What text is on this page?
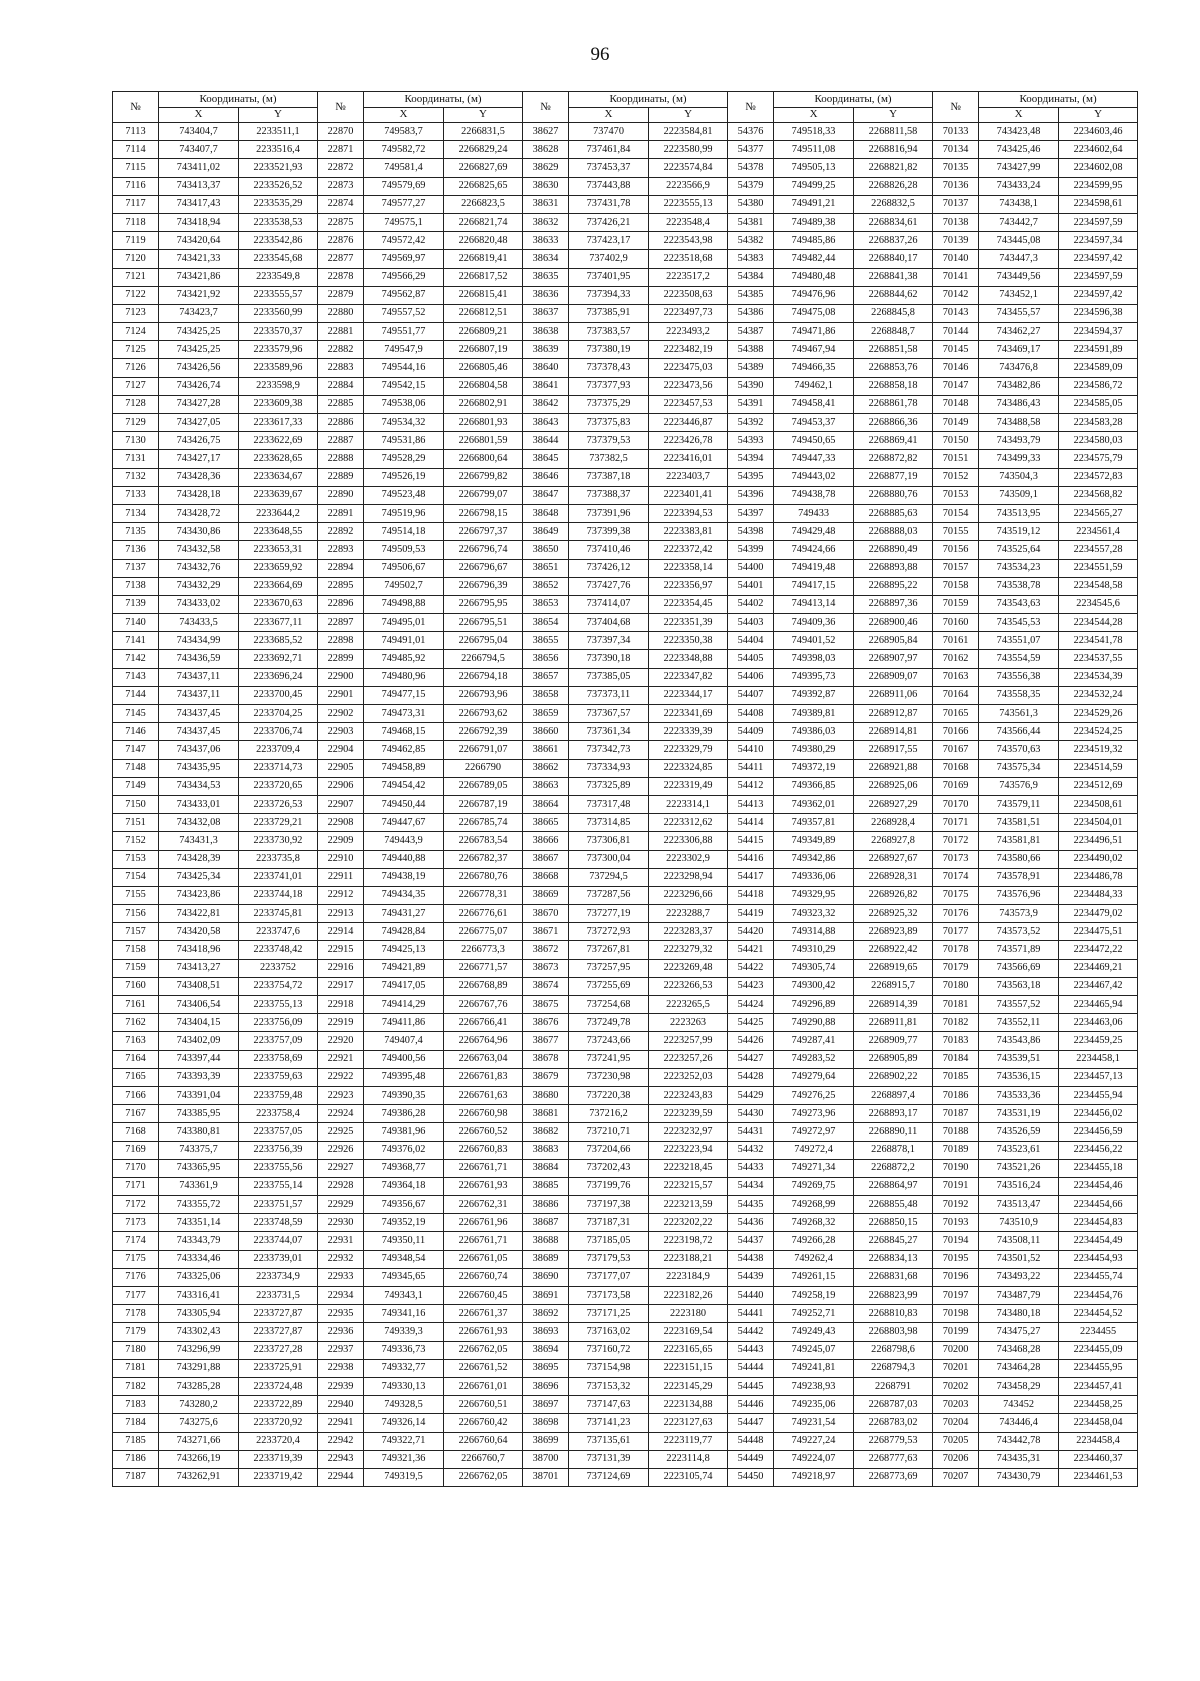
96
№	Координаты, (м)		№	Координаты, (м)		№	Координаты, (м)		№	Координаты, (м)		№	Координаты, (м)	
	X	Y		X	Y		X	Y		X	Y		X	Y
7113	743404,7	2233511,1	22870	749583,7	2266831,5	38627	737470	2223584,81	54376	749518,33	2268811,58	70133	743423,48	2234603,46
7114	743407,7	2233516,4	22871	749582,72	2266829,24	38628	737461,84	2223580,99	54377	749511,08	2268816,94	70134	743425,46	2234602,64
7115	743411,02	2233521,93	22872	749581,4	2266827,69	38629	737453,37	2223574,84	54378	749505,13	2268821,82	70135	743427,99	2234602,08
7116	743413,37	2233526,52	22873	749579,69	2266825,65	38630	737443,88	2223566,9	54379	749499,25	2268826,28	70136	743433,24	2234599,95
7117	743417,43	2233535,29	22874	749577,27	2266823,5	38631	737431,78	2223555,13	54380	749491,21	2268832,5	70137	743438,1	2234598,61
7118	743418,94	2233538,53	22875	749575,1	2266821,74	38632	737426,21	2223548,4	54381	749489,38	2268834,61	70138	743442,7	2234597,59
7119	743420,64	2233542,86	22876	749572,42	2266820,48	38633	737423,17	2223543,98	54382	749485,86	2268837,26	70139	743445,08	2234597,34
7120	743421,33	2233545,68	22877	749569,97	2266819,41	38634	737402,9	2223518,68	54383	749482,44	2268840,17	70140	743447,3	2234597,42
7121	743421,86	2233549,8	22878	749566,29	2266817,52	38635	737401,95	2223517,2	54384	749480,48	2268841,38	70141	743449,56	2234597,59
7122	743421,92	2233555,57	22879	749562,87	2266815,41	38636	737394,33	2223508,63	54385	749476,96	2268844,62	70142	743452,1	2234597,42
7123	743423,7	2233560,99	22880	749557,52	2266812,51	38637	737385,91	2223497,73	54386	749475,08	2268845,8	70143	743455,57	2234596,38
7124	743425,25	2233570,37	22881	749551,77	2266809,21	38638	737383,57	2223493,2	54387	749471,86	2268848,7	70144	743462,27	2234594,37
7125	743425,25	2233579,96	22882	749547,9	2266807,19	38639	737380,19	2223482,19	54388	749467,94	2268851,58	70145	743469,17	2234591,89
7126	743426,56	2233589,96	22883	749544,16	2266805,46	38640	737378,43	2223475,03	54389	749466,35	2268853,76	70146	743476,8	2234589,09
7127	743426,74	2233598,9	22884	749542,15	2266804,58	38641	737377,93	2223473,56	54390	749462,1	2268858,18	70147	743482,86	2234586,72
7128	743427,28	2233609,38	22885	749538,06	2266802,91	38642	737375,29	2223457,53	54391	749458,41	2268861,78	70148	743486,43	2234585,05
7129	743427,05	2233617,33	22886	749534,32	2266801,93	38643	737375,83	2223446,87	54392	749453,37	2268866,36	70149	743488,58	2234583,28
7130	743426,75	2233622,69	22887	749531,86	2266801,59	38644	737379,53	2223426,78	54393	749450,65	2268869,41	70150	743493,79	2234580,03
7131	743427,17	2233628,65	22888	749528,29	2266800,64	38645	737382,5	2223416,01	54394	749447,33	2268872,82	70151	743499,33	2234575,79
7132	743428,36	2233634,67	22889	749526,19	2266799,82	38646	737387,18	2223403,7	54395	749443,02	2268877,19	70152	743504,3	2234572,83
7133	743428,18	2233639,67	22890	749523,48	2266799,07	38647	737388,37	2223401,41	54396	749438,78	2268880,76	70153	743509,1	2234568,82
7134	743428,72	2233644,2	22891	749519,96	2266798,15	38648	737391,96	2223394,53	54397	749433	2268885,63	70154	743513,95	2234565,27
7135	743430,86	2233648,55	22892	749514,18	2266797,37	38649	737399,38	2223383,81	54398	749429,48	2268888,03	70155	743519,12	2234561,4
7136	743432,58	2233653,31	22893	749509,53	2266796,74	38650	737410,46	2223372,42	54399	749424,66	2268890,49	70156	743525,64	2234557,28
7137	743432,76	2233659,92	22894	749506,67	2266796,67	38651	737426,12	2223358,14	54400	749419,48	2268893,88	70157	743534,23	2234551,59
7138	743432,29	2233664,69	22895	749502,7	2266796,39	38652	737427,76	2223356,97	54401	749417,15	2268895,22	70158	743538,78	2234548,58
7139	743433,02	2233670,63	22896	749498,88	2266795,95	38653	737414,07	2223354,45	54402	749413,14	2268897,36	70159	743543,63	2234545,6
7140	743433,5	2233677,11	22897	749495,01	2266795,51	38654	737404,68	2223351,39	54403	749409,36	2268900,46	70160	743545,53	2234544,28
7141	743434,99	2233685,52	22898	749491,01	2266795,04	38655	737397,34	2223350,38	54404	749401,52	2268905,84	70161	743551,07	2234541,78
7142	743436,59	2233692,71	22899	749485,92	2266794,5	38656	737390,18	2223348,88	54405	749398,03	2268907,97	70162	743554,59	2234537,55
7143	743437,11	2233696,24	22900	749480,96	2266794,18	38657	737385,05	2223347,82	54406	749395,73	2268909,07	70163	743556,38	2234534,39
7144	743437,11	2233700,45	22901	749477,15	2266793,96	38658	737373,11	2223344,17	54407	749392,87	2268911,06	70164	743558,35	2234532,24
7145	743437,45	2233704,25	22902	749473,31	2266793,62	38659	737367,57	2223341,69	54408	749389,81	2268912,87	70165	743561,3	2234529,26
7146	743437,45	2233706,74	22903	749468,15	2266792,39	38660	737361,34	2223339,39	54409	749386,03	2268914,81	70166	743566,44	2234524,25
7147	743437,06	2233709,4	22904	749462,85	2266791,07	38661	737342,73	2223329,79	54410	749380,29	2268917,55	70167	743570,63	2234519,32
7148	743435,95	2233714,73	22905	749458,89	2266790	38662	737334,93	2223324,85	54411	749372,19	2268921,88	70168	743575,34	2234514,59
7149	743434,53	2233720,65	22906	749454,42	2266789,05	38663	737325,89	2223319,49	54412	749366,85	2268925,06	70169	743576,9	2234512,69
7150	743433,01	2233726,53	22907	749450,44	2266787,19	38664	737317,48	2223314,1	54413	749362,01	2268927,29	70170	743579,11	2234508,61
7151	743432,08	2233729,21	22908	749447,67	2266785,74	38665	737314,85	2223312,62	54414	749357,81	2268928,4	70171	743581,51	2234504,01
7152	743431,3	2233730,92	22909	749443,9	2266783,54	38666	737306,81	2223306,88	54415	749349,89	2268927,8	70172	743581,81	2234496,51
7153	743428,39	2233735,8	22910	749440,88	2266782,37	38667	737300,04	2223302,9	54416	749342,86	2268927,67	70173	743580,66	2234490,02
7154	743425,34	2233741,01	22911	749438,19	2266780,76	38668	737294,5	2223298,94	54417	749336,06	2268928,31	70174	743578,91	2234486,78
7155	743423,86	2233744,18	22912	749434,35	2266778,31	38669	737287,56	2223296,66	54418	749329,95	2268926,82	70175	743576,96	2234484,33
7156	743422,81	2233745,81	22913	749431,27	2266776,61	38670	737277,19	2223288,7	54419	749323,32	2268925,32	70176	743573,9	2234479,02
7157	743420,58	2233747,6	22914	749428,84	2266775,07	38671	737272,93	2223283,37	54420	749314,88	2268923,89	70177	743573,52	2234475,51
7158	743418,96	2233748,42	22915	749425,13	2266773,3	38672	737267,81	2223279,32	54421	749310,29	2268922,42	70178	743571,89	2234472,22
7159	743413,27	2233752	22916	749421,89	2266771,57	38673	737257,95	2223269,48	54422	749305,74	2268919,65	70179	743566,69	2234469,21
7160	743408,51	2233754,72	22917	749417,05	2266768,89	38674	737255,69	2223266,53	54423	749300,42	2268915,7	70180	743563,18	2234467,42
7161	743406,54	2233755,13	22918	749414,29	2266767,76	38675	737254,68	2223265,5	54424	749296,89	2268914,39	70181	743557,52	2234465,94
7162	743404,15	2233756,09	22919	749411,86	2266766,41	38676	737249,78	2223263	54425	749290,88	2268911,81	70182	743552,11	2234463,06
7163	743402,09	2233757,09	22920	749407,4	2266764,96	38677	737243,66	2223257,99	54426	749287,41	2268909,77	70183	743543,86	2234459,25
7164	743397,44	2233758,69	22921	749400,56	2266763,04	38678	737241,95	2223257,26	54427	749283,52	2268905,89	70184	743539,51	2234458,1
7165	743393,39	2233759,63	22922	749395,48	2266761,83	38679	737230,98	2223252,03	54428	749279,64	2268902,22	70185	743536,15	2234457,13
7166	743391,04	2233759,48	22923	749390,35	2266761,63	38680	737220,38	2223243,83	54429	749276,25	2268897,4	70186	743533,36	2234455,94
7167	743385,95	2233758,4	22924	749386,28	2266760,98	38681	737216,2	2223239,59	54430	749273,96	2268893,17	70187	743531,19	2234456,02
7168	743380,81	2233757,05	22925	749381,96	2266760,52	38682	737210,71	2223232,97	54431	749272,97	2268890,11	70188	743526,59	2234456,59
7169	743375,7	2233756,39	22926	749376,02	2266760,83	38683	737204,66	2223223,94	54432	749272,4	2268878,1	70189	743523,61	2234456,22
7170	743365,95	2233755,56	22927	749368,77	2266761,71	38684	737202,43	2223218,45	54433	749271,34	2268872,2	70190	743521,26	2234455,18
7171	743361,9	2233755,14	22928	749364,18	2266761,93	38685	737199,76	2223215,57	54434	749269,75	2268864,97	70191	743516,24	2234454,46
7172	743355,72	2233751,57	22929	749356,67	2266762,31	38686	737197,38	2223213,59	54435	749268,99	2268855,48	70192	743513,47	2234454,66
7173	743351,14	2233748,59	22930	749352,19	2266761,96	38687	737187,31	2223202,22	54436	749268,32	2268850,15	70193	743510,9	2234454,83
7174	743343,79	2233744,07	22931	749350,11	2266761,71	38688	737185,05	2223198,72	54437	749266,28	2268845,27	70194	743508,11	2234454,49
7175	743334,46	2233739,01	22932	749348,54	2266761,05	38689	737179,53	2223188,21	54438	749262,4	2268834,13	70195	743501,52	2234454,93
7176	743325,06	2233734,9	22933	749345,65	2266760,74	38690	737177,07	2223184,9	54439	749261,15	2268831,68	70196	743493,22	2234455,74
7177	743316,41	2233731,5	22934	749343,1	2266760,45	38691	737173,58	2223182,26	54440	749258,19	2268823,99	70197	743487,79	2234454,76
7178	743305,94	2233727,87	22935	749341,16	2266761,37	38692	737171,25	2223180	54441	749252,71	2268810,83	70198	743480,18	2234454,52
7179	743302,43	2233727,87	22936	749339,3	2266761,93	38693	737163,02	2223169,54	54442	749249,43	2268803,98	70199	743475,27	2234455
7180	743296,99	2233727,28	22937	749336,73	2266762,05	38694	737160,72	2223165,65	54443	749245,07	2268798,6	70200	743468,28	2234455,09
7181	743291,88	2233725,91	22938	749332,77	2266761,52	38695	737154,98	2223151,15	54444	749241,81	2268794,3	70201	743464,28	2234455,95
7182	743285,28	2233724,48	22939	749330,13	2266761,01	38696	737153,32	2223145,29	54445	749238,93	2268791	70202	743458,29	2234457,41
7183	743280,2	2233722,89	22940	749328,5	2266760,51	38697	737147,63	2223134,88	54446	749235,06	2268787,03	70203	743452	2234458,25
7184	743275,6	2233720,92	22941	749326,14	2266760,42	38698	737141,23	2223127,63	54447	749231,54	2268783,02	70204	743446,4	2234458,04
7185	743271,66	2233720,4	22942	749322,71	2266760,64	38699	737135,61	2223119,77	54448	749227,24	2268779,53	70205	743442,78	2234458,4
7186	743266,19	2233719,39	22943	749321,36	2266760,7	38700	737131,39	2223114,8	54449	749224,07	2268777,63	70206	743435,31	2234460,37
7187	743262,91	2233719,42	22944	749319,5	2266762,05	38701	737124,69	2223105,74	54450	749218,97	2268773,69	70207	743430,79	2234461,53
